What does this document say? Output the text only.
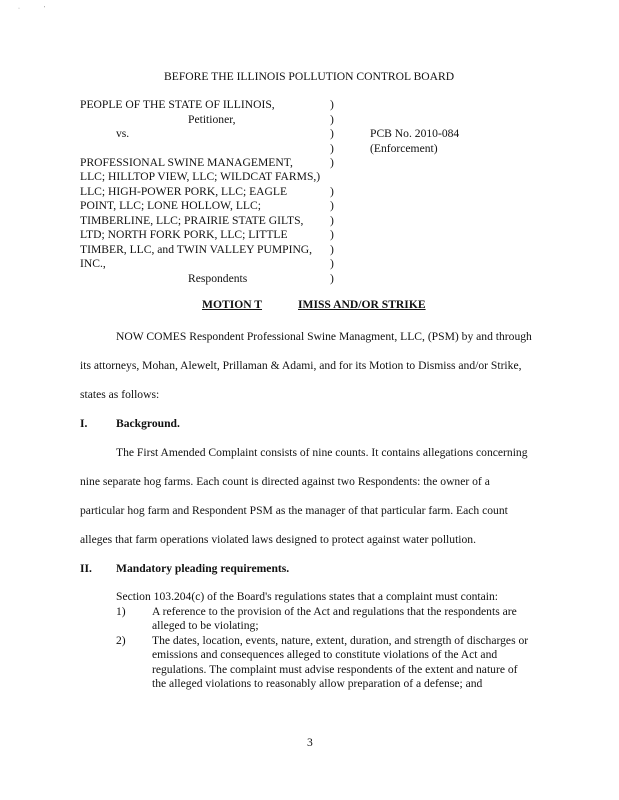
·	'
BEFORE THE ILLINOIS POLLUTION CONTROL BOARD
PEOPLE OF THE STATE OF ILLINOIS,
Petitioner,
vs.
PROFESSIONAL SWINE MANAGEMENT,
LLC; HILLTOP VIEW, LLC; WILDCAT FARMS,)
LLC; HIGH-POWER PORK, LLC; EAGLE
POINT, LLC; LONE HOLLOW, LLC;
TIMBERLINE, LLC; PRAIRIE STATE GILTS,
LTD; NORTH FORK PORK, LLC; LITTLE
TIMBER, LLC, and TWIN VALLEY PUMPING,
INC.,
Respondents
)
)
)
)
)
)
)
)
)
)
)
)
PCB No. 2010-084
(Enforcement)
MOTION T	IMISS AND/OR STRIKE
NOW COMES Respondent Professional Swine Managment, LLC, (PSM) by and through
its attorneys, Mohan, Alewelt, Prillaman & Adami, and for its Motion to Dismiss and/or Strike,
states as follows:
I. Background.
The First Amended Complaint consists of nine counts. It contains allegations concerning
nine separate hog farms. Each count is directed against two Respondents: the owner of a
particular hog farm and Respondent PSM as the manager of that particular farm. Each count
alleges that farm operations violated laws designed to protect against water pollution.
II. Mandatory pleading requirements.
Section 103.204(c) of the Board's regulations states that a complaint must contain:
1) A reference to the provision of the Act and regulations that the respondents are
alleged to be violating;
2) The dates, location, events, nature, extent, duration, and strength of discharges or
emissions and consequences alleged to constitute violations of the Act and
regulations. The complaint must advise respondents of the extent and nature of
the alleged violations to reasonably allow preparation of a defense; and
3
